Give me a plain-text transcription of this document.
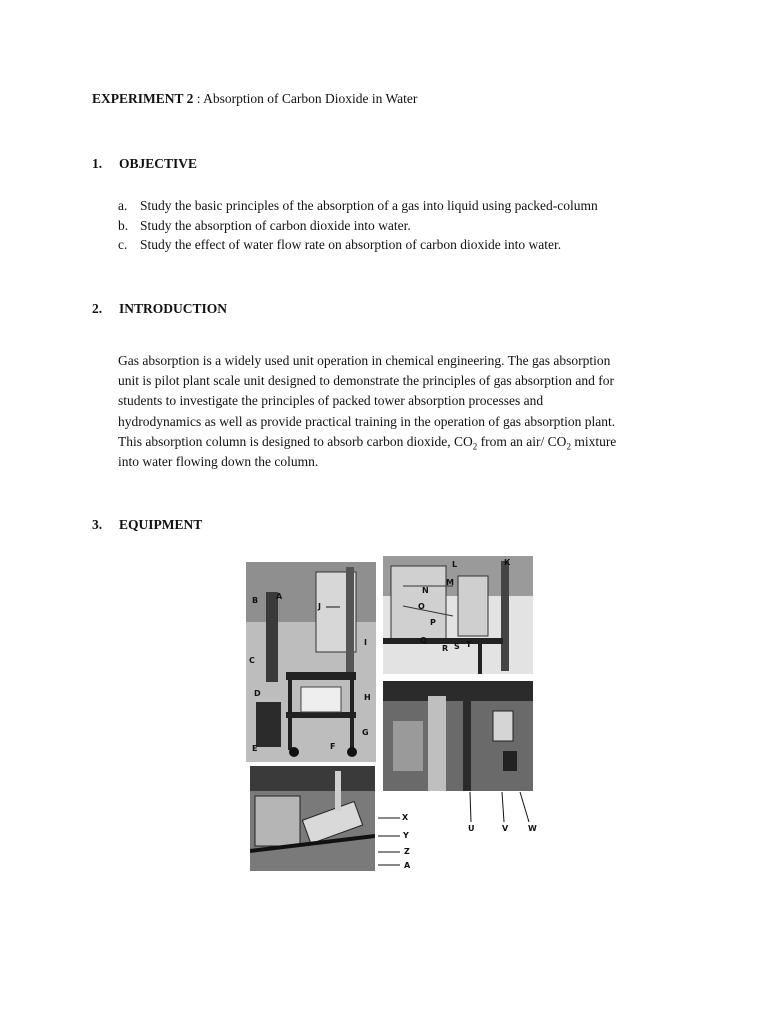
EXPERIMENT 2 : Absorption of Carbon Dioxide in Water
1. OBJECTIVE
a. Study the basic principles of the absorption of a gas into liquid using packed-column
b. Study the absorption of carbon dioxide into water.
c. Study the effect of water flow rate on absorption of carbon dioxide into water.
2. INTRODUCTION
Gas absorption is a widely used unit operation in chemical engineering. The gas absorption
unit is pilot plant scale unit designed to demonstrate the principles of gas absorption and for
students to investigate the principles of packed tower absorption processes and
hydrodynamics as well as provide practical training in the operation of gas absorption plant.
This absorption column is designed to absorb carbon dioxide, $CO_2$ from an air/ $CO_2$ mixture
into water flowing down the column.
3. EQUIPMENT
B A
J
I
C
D	H
G
E	F
L
M
K
N
O
P
Q
R S T
U	V W
X
Y
Z
A
